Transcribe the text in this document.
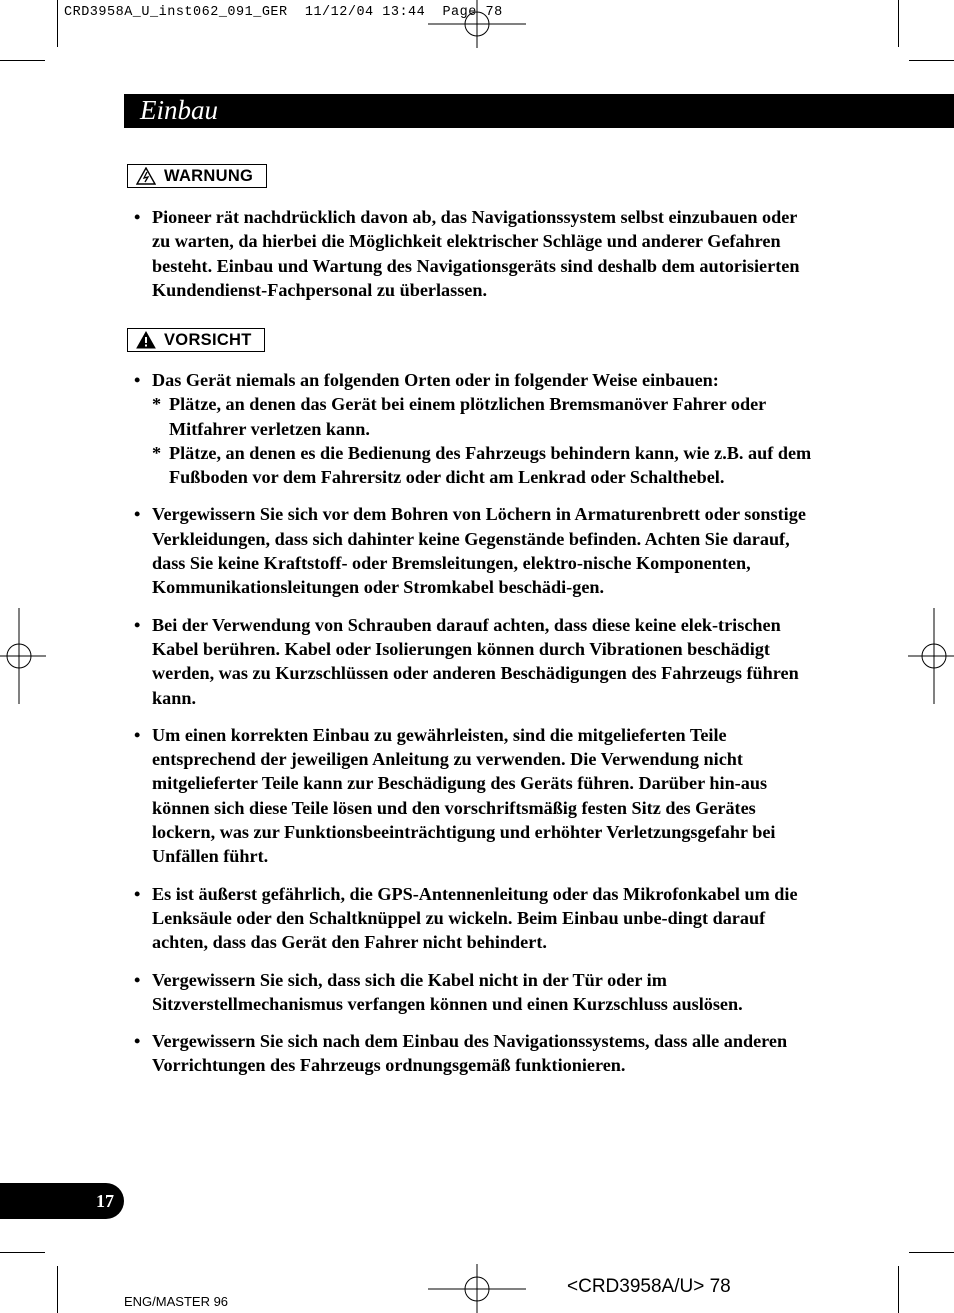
CRD3958A_U_inst062_091_GER  11/12/04 13:44  Page 78
Einbau
WARNUNG
• Pioneer rät nachdrücklich davon ab, das Navigationssystem selbst einzubauen oder zu warten, da hierbei die Möglichkeit elektrischer Schläge und anderer Gefahren besteht. Einbau und Wartung des Navigationsgeräts sind deshalb dem autorisierten Kundendienst-Fachpersonal zu überlassen.
VORSICHT
• Das Gerät niemals an folgenden Orten oder in folgender Weise einbauen:
* Plätze, an denen das Gerät bei einem plötzlichen Bremsmanöver Fahrer oder Mitfahrer verletzen kann.
* Plätze, an denen es die Bedienung des Fahrzeugs behindern kann, wie z.B. auf dem Fußboden vor dem Fahrersitz oder dicht am Lenkrad oder Schalthebel.
• Vergewissern Sie sich vor dem Bohren von Löchern in Armaturenbrett oder sonstige Verkleidungen, dass sich dahinter keine Gegenstände befinden. Achten Sie darauf, dass Sie keine Kraftstoff- oder Bremsleitungen, elektro-nische Komponenten, Kommunikationsleitungen oder Stromkabel beschädi-gen.
• Bei der Verwendung von Schrauben darauf achten, dass diese keine elek-trischen Kabel berühren. Kabel oder Isolierungen können durch Vibrationen beschädigt werden, was zu Kurzschlüssen oder anderen Beschädigungen des Fahrzeugs führen kann.
• Um einen korrekten Einbau zu gewährleisten, sind die mitgelieferten Teile entsprechend der jeweiligen Anleitung zu verwenden. Die Verwendung nicht mitgelieferter Teile kann zur Beschädigung des Geräts führen. Darüber hin-aus können sich diese Teile lösen und den vorschriftsmäßig festen Sitz des Gerätes lockern, was zur Funktionsbeeinträchtigung und erhöhter Verletzungsgefahr bei Unfällen führt.
• Es ist äußerst gefährlich, die GPS-Antennenleitung oder das Mikrofonkabel um die Lenksäule oder den Schaltknüppel zu wickeln. Beim Einbau unbe-dingt darauf achten, dass das Gerät den Fahrer nicht behindert.
• Vergewissern Sie sich, dass sich die Kabel nicht in der Tür oder im Sitzverstellmechanismus verfangen können und einen Kurzschluss auslösen.
• Vergewissern Sie sich nach dem Einbau des Navigationssystems, dass alle anderen Vorrichtungen des Fahrzeugs ordnungsgemäß funktionieren.
17
ENG/MASTER 96
<CRD3958A/U> 78
